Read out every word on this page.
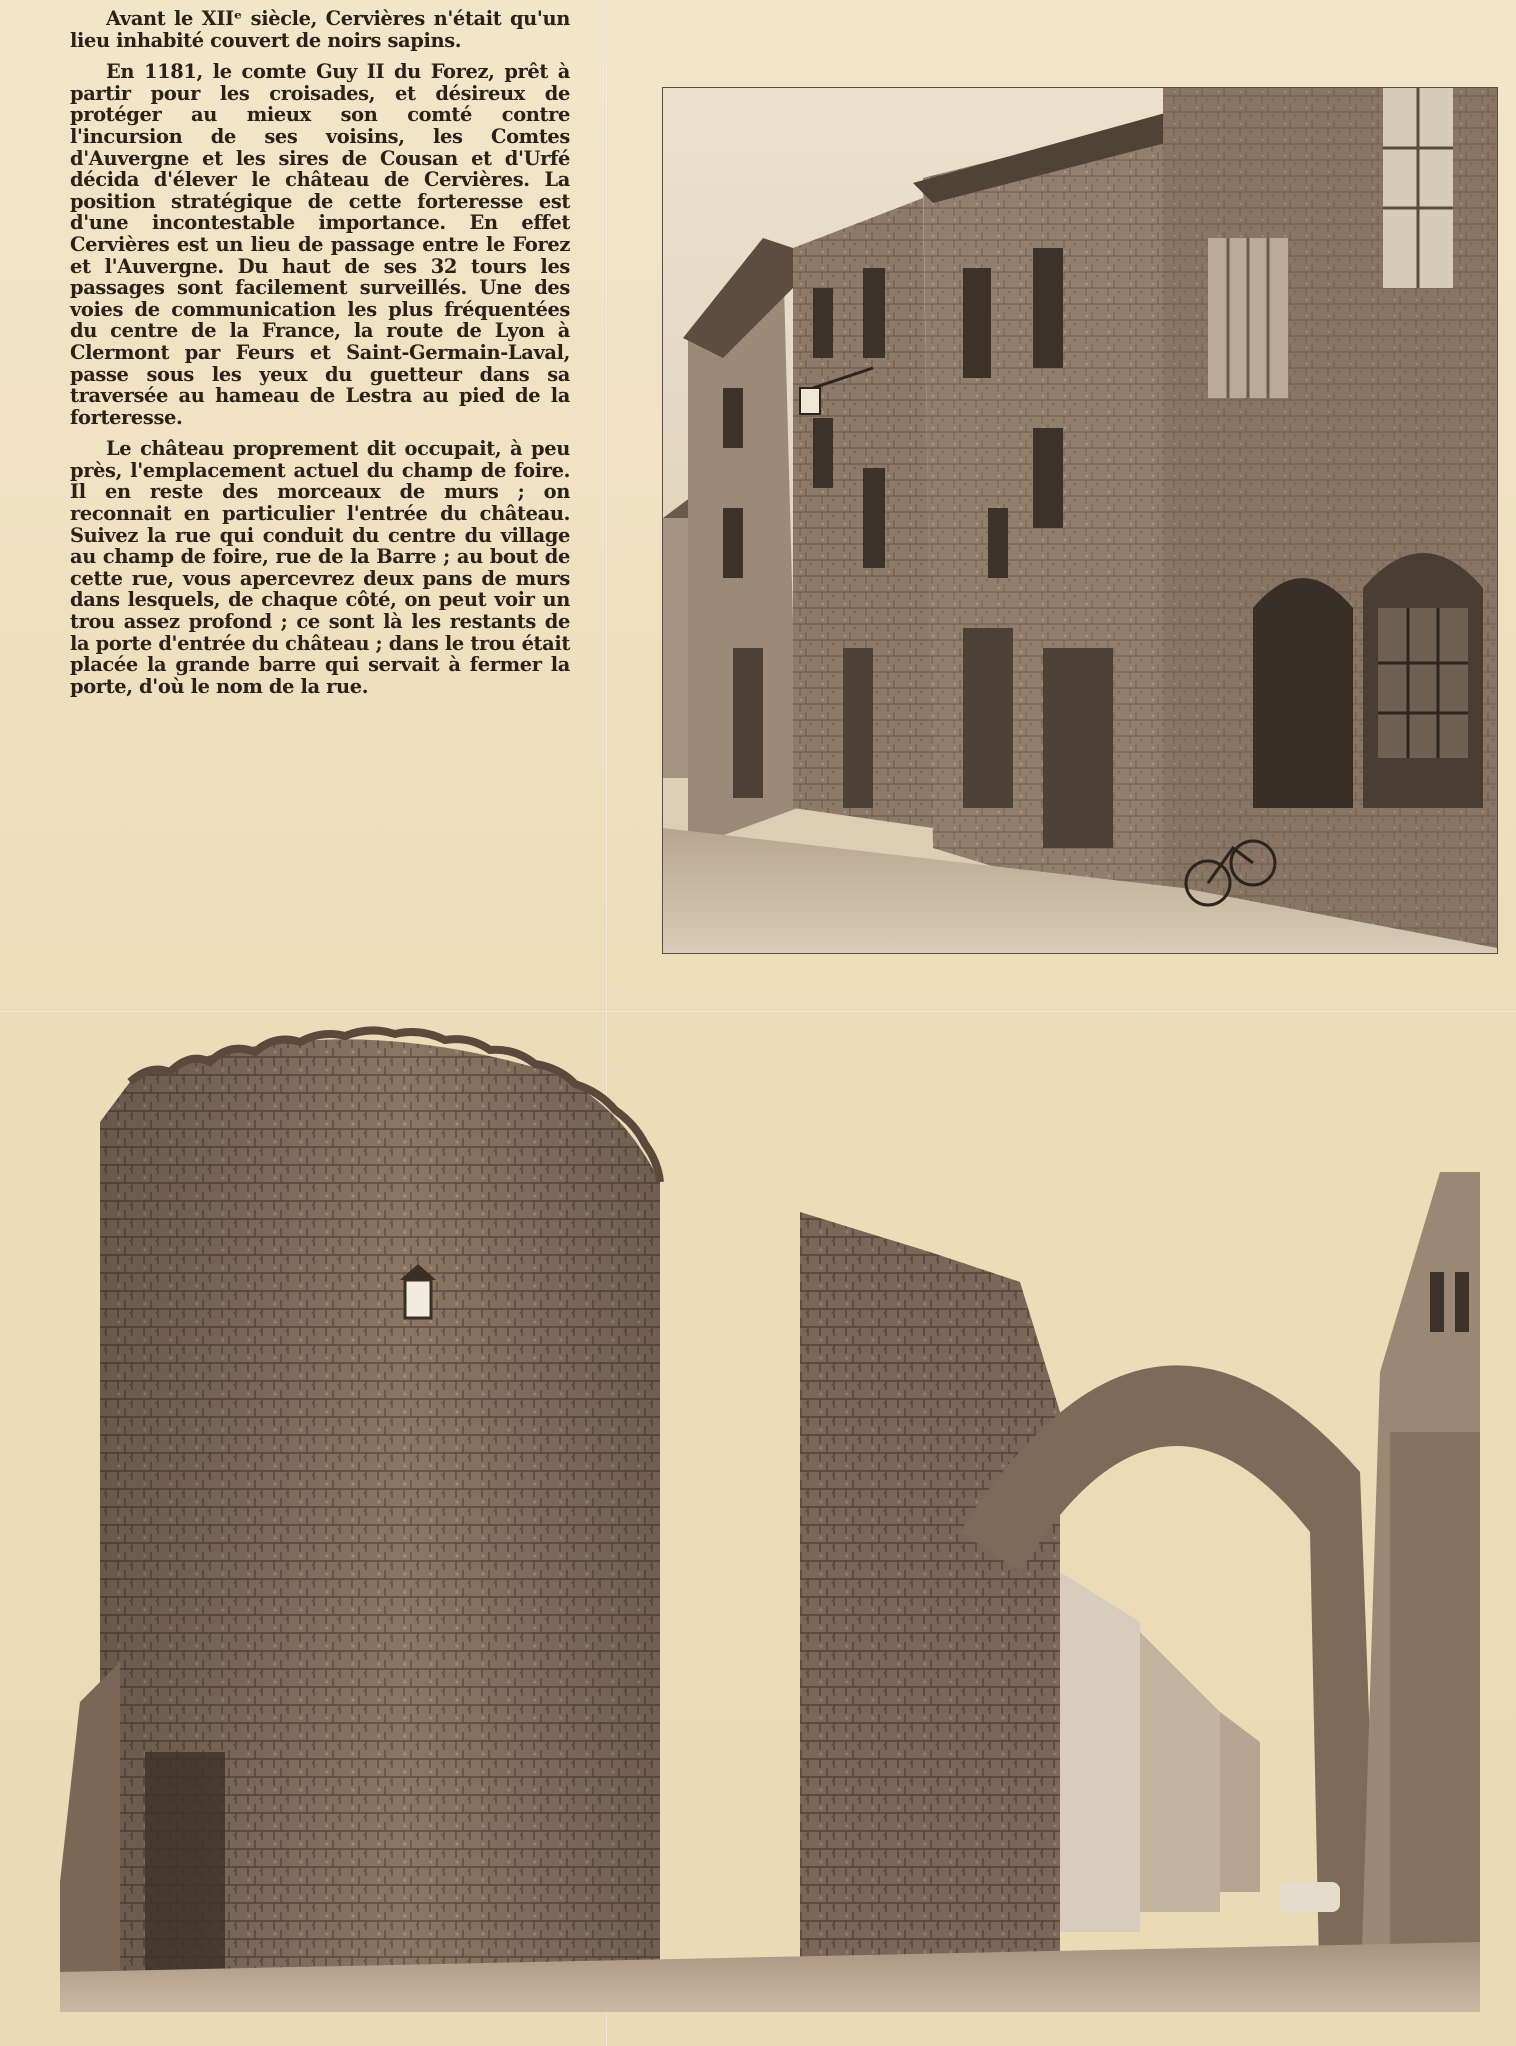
Avant le XIIᵉ siècle, Cervières n'était qu'un lieu inhabité couvert de noirs sapins.

En 1181, le comte Guy II du Forez, prêt à partir pour les croisades, et désireux de protéger au mieux son comté contre l'incursion de ses voisins, les Comtes d'Auvergne et les sires de Cousan et d'Urfé décida d'élever le château de Cervières. La position stratégique de cette forteresse est d'une incontestable importance. En effet Cervières est un lieu de passage entre le Forez et l'Auvergne. Du haut de ses 32 tours les passages sont facilement surveillés. Une des voies de communication les plus fréquentées du centre de la France, la route de Lyon à Clermont par Feurs et Saint-Germain-Laval, passe sous les yeux du guetteur dans sa traversée au hameau de Lestra au pied de la forteresse.

Le château proprement dit occupait, à peu près, l'emplacement actuel du champ de foire. Il en reste des morceaux de murs ; on reconnait en particulier l'entrée du château. Suivez la rue qui conduit du centre du village au champ de foire, rue de la Barre ; au bout de cette rue, vous apercevrez deux pans de murs dans lesquels, de chaque côté, on peut voir un trou assez profond ; ce sont là les restants de la porte d'entrée du château ; dans le trou était placée la grande barre qui servait à fermer la porte, d'où le nom de la rue.
